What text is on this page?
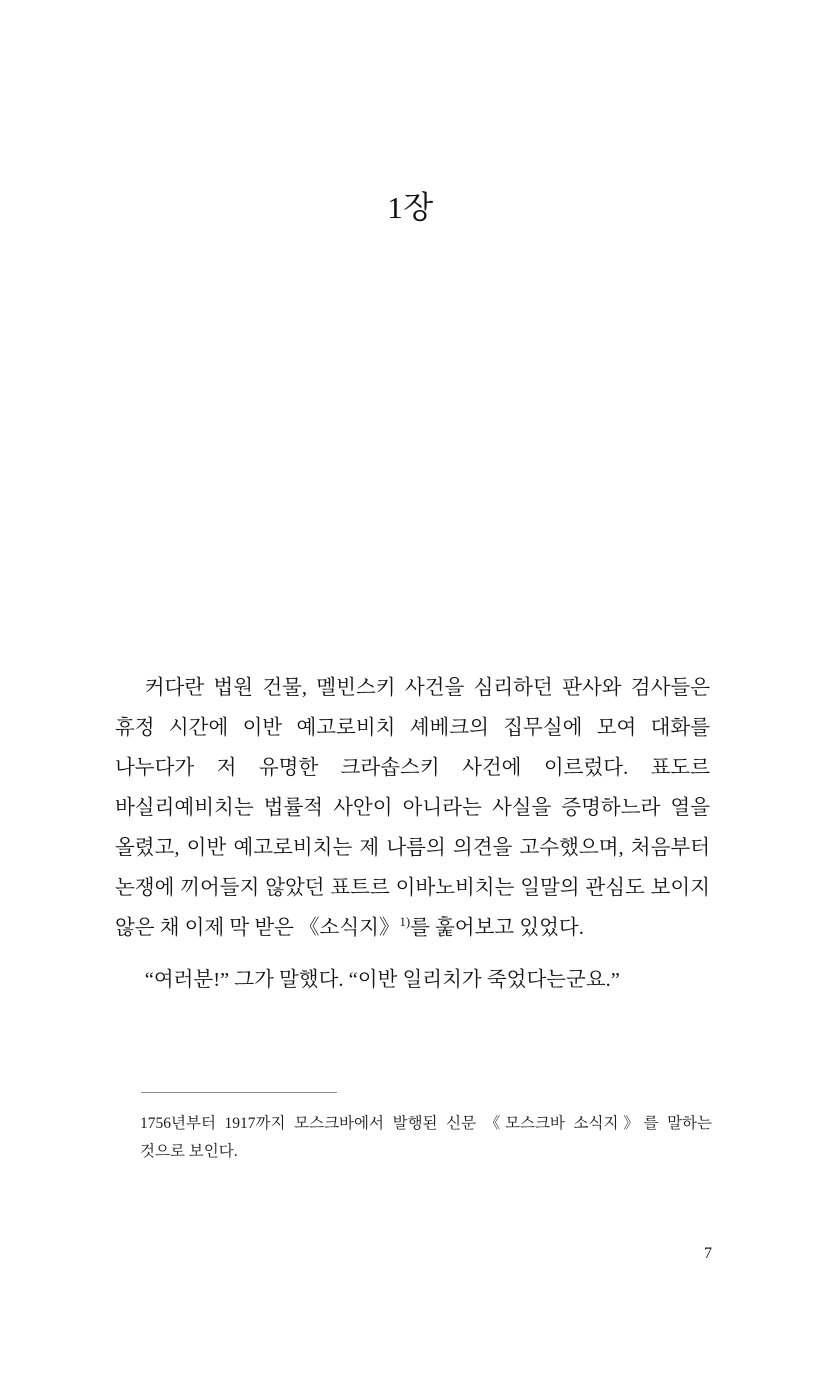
1장

커다란 법원 건물, 멜빈스키 사건을 심리하던 판사와 검사들은 휴정 시간에 이반 예고로비치 셰베크의 집무실에 모여 대화를 나누다가 저 유명한 크라솝스키 사건에 이르렀다. 표도르 바실리예비치는 법률적 사안이 아니라는 사실을 증명하느라 열을 올렸고, 이반 예고로비치는 제 나름의 의견을 고수했으며, 처음부터 논쟁에 끼어들지 않았던 표트르 이바노비치는 일말의 관심도 보이지 않은 채 이제 막 받은 《소식지》$^{1)}$를 훑어보고 있었다.

“여러분!” 그가 말했다. “이반 일리치가 죽었다는군요.”

1756년부터 1917까지 모스크바에서 발행된 신문 《모스크바 소식지》를 말하는 것으로 보인다.

7
